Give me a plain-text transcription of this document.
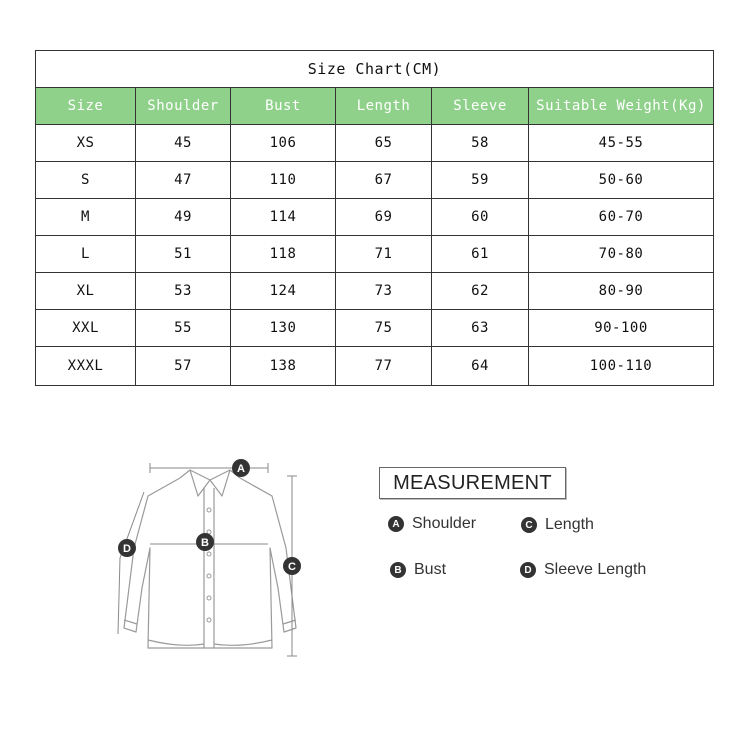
Size Chart(CM)					
Size	Shoulder	Bust	Length	Sleeve	Suitable Weight(Kg)
XS	45	106	65	58	45-55
S	47	110	67	59	50-60
M	49	114	69	60	60-70
L	51	118	71	61	70-80
XL	53	124	73	62	80-90
XXL	55	130	75	63	90-100
XXXL	57	138	77	64	100-110
A
B
C
D
MEASUREMENT
A Shoulder	C Length
B Bust	D Sleeve Length
